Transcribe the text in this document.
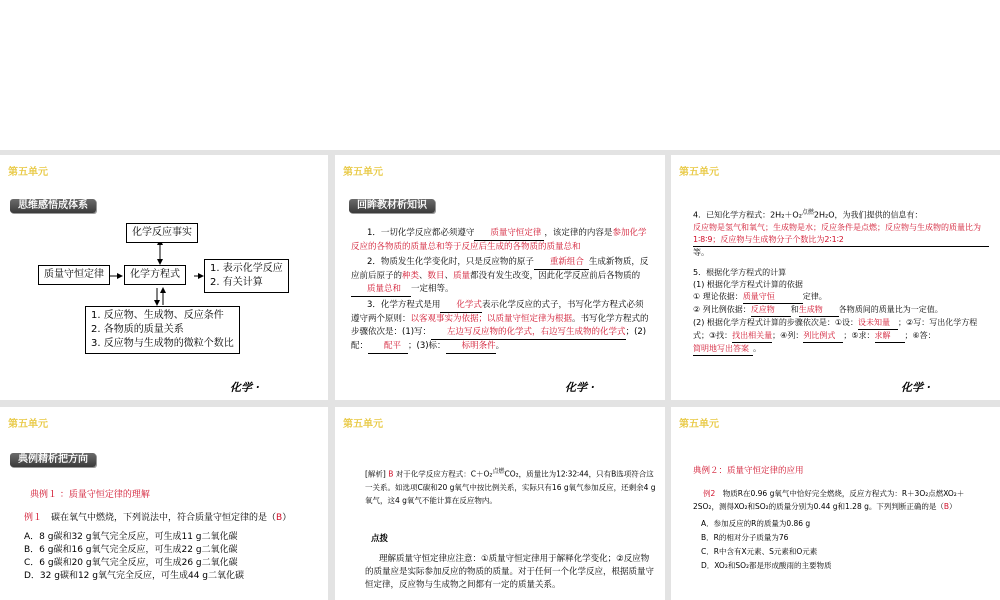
第五单元
思维感悟成体系
化学反应事实
质量守恒定律	化学方程式
1. 表示化学反应
2. 有关计算
1. 反应物、生成物、反应条件
2. 各物质的质量关系
3. 反应物与生成物的微粒个数比
化学 ·
第五单元
回眸教材析知识
1．一切化学反应都必须遵守 质量守恒定律 ，该定律的内容是参加化学反应的各物质的质量总和等于反应后生成的各物质的质量总和
2．物质发生化学变化时，只是反应物的原子 重新组合 生成新物质，反应前后原子的种类、数目、质量都没有发生改变，因此化学反应前后各物质的质量总和 一定相等。
3．化学方程式是用 化学式表示化学反应的式子，书写化学方程式必须遵守两个原则：以客观事实为依据；以质量守恒定律为根据。书写化学方程式的步骤依次是：(1)写： 左边写反应物的化学式，右边写生成物的化学式；(2)配： 配平 ；(3)标： 标明条件。
化学 ·
第五单元
4．已知化学方程式：2H₂＋O₂$^{点燃}$2H₂O，为我们提供的信息有：
反应物是氢气和氧气；生成物是水；反应条件是点燃；反应物与生成物的质量比为1∶8∶9；反应物与生成物分子个数比为2∶1∶2等。
5．根据化学方程式的计算
(1) 根据化学方程式计算的依据
① 理论依据：质量守恒	定律。
② 列比例依据：反应物 和生成物 各物质间的质量比为一定值。
(2) 根据化学方程式计算的步骤依次是：①设：设未知量 ；②写：写出化学方程式；③找：找出相关量；④列：列比例式 ；⑤求：求解 ；⑥答：简明地写出答案 。
化学 ·
第五单元
典例精析把方向
典例１ ：质量守恒定律的理解
例１　 碳在氧气中燃烧，下列说法中，符合质量守恒定律的是（B）
A．8 g碳和32 g氧气完全反应，可生成11 g二氧化碳
B．6 g碳和16 g氧气完全反应，可生成22 g二氧化碳
C．6 g碳和20 g氧气完全反应，可生成26 g二氧化碳
D．32 g碳和12 g氧气完全反应，可生成44 g二氧化碳
第五单元
[解析] B 对于化学反应方程式：C＋O₂$^{点燃}$CO₂，质量比为12∶32∶44，只有B选项符合这一关系。如选项C碳和20 g氧气中按比例关系，实际只有16 g氧气参加反应，还剩余4 g氧气，这4 g氧气不能计算在反应物内。
点拨
理解质量守恒定律应注意：①质量守恒定律用于解释化学变化；②反应物的质量应是实际参加反应的物质的质量。对于任何一个化学反应，根据质量守恒定律，反应物与生成物之间都有一定的质量关系。
第五单元
典例２：质量守恒定律的应用
例2　 物质R在0.96 g氧气中恰好完全燃烧，反应方程式为：R＋3O₂点燃XO₂＋2SO₂，测得XO₂和SO₂的质量分别为0.44 g和1.28 g。下列判断正确的是（B）
A．参加反应的R的质量为0.86 g
B．R的相对分子质量为76
C．R中含有X元素、S元素和O元素
D．XO₂和SO₂都是形成酸雨的主要物质
